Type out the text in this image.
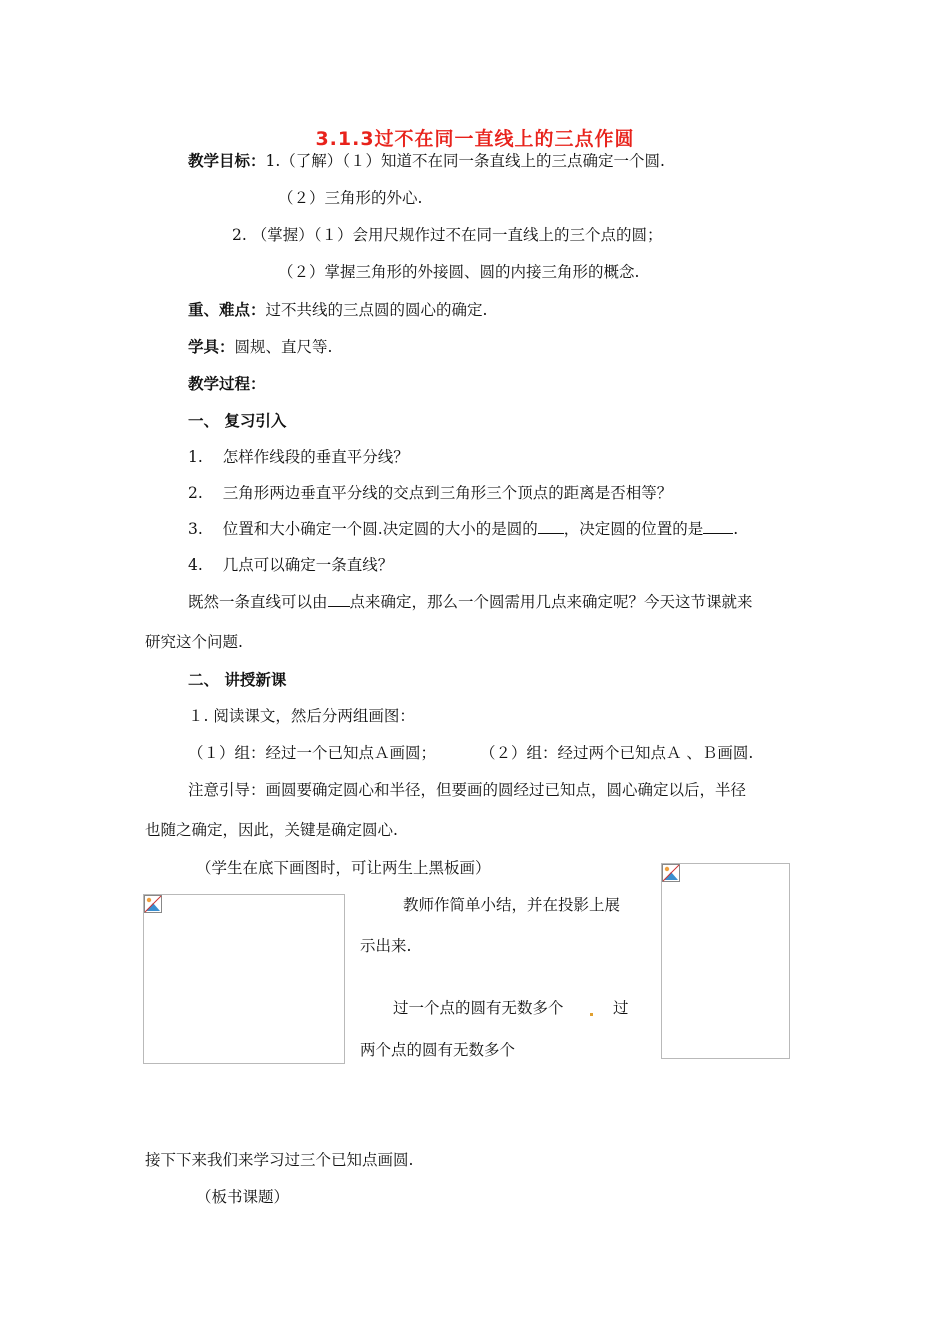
3.1.3过不在同一直线上的三点作圆
教学目标：1.（了解）（１）知道不在同一条直线上的三点确定一个圆.
（２）三角形的外心.
2. （掌握）（１）会用尺规作过不在同一直线上的三个点的圆；
（２）掌握三角形的外接圆、圆的内接三角形的概念.
重、难点：过不共线的三点圆的圆心的确定.
学具：圆规、直尺等.
教学过程：
一、 复习引入
1. 怎样作线段的垂直平分线？
2. 三角形两边垂直平分线的交点到三角形三个顶点的距离是否相等？
3. 位置和大小确定一个圆.决定圆的大小的是圆的 ，决定圆的位置的是 .
4. 几点可以确定一条直线？
既然一条直线可以由 点来确定，那么一个圆需用几点来确定呢？今天这节课就来
研究这个问题.
二、 讲授新课
１. 阅读课文，然后分两组画图：
（１）组：经过一个已知点Ａ画圆；	（２）组：经过两个已知点Ａ 、Ｂ画圆.
注意引导：画圆要确定圆心和半径，但要画的圆经过已知点，圆心确定以后，半径
也随之确定，因此，关键是确定圆心.
（学生在底下画图时，可让两生上黑板画）
教师作简单小结，并在投影上展
示出来.
过一个点的圆有无数多个	过
两个点的圆有无数多个
接下下来我们来学习过三个已知点画圆.
（板书课题）
